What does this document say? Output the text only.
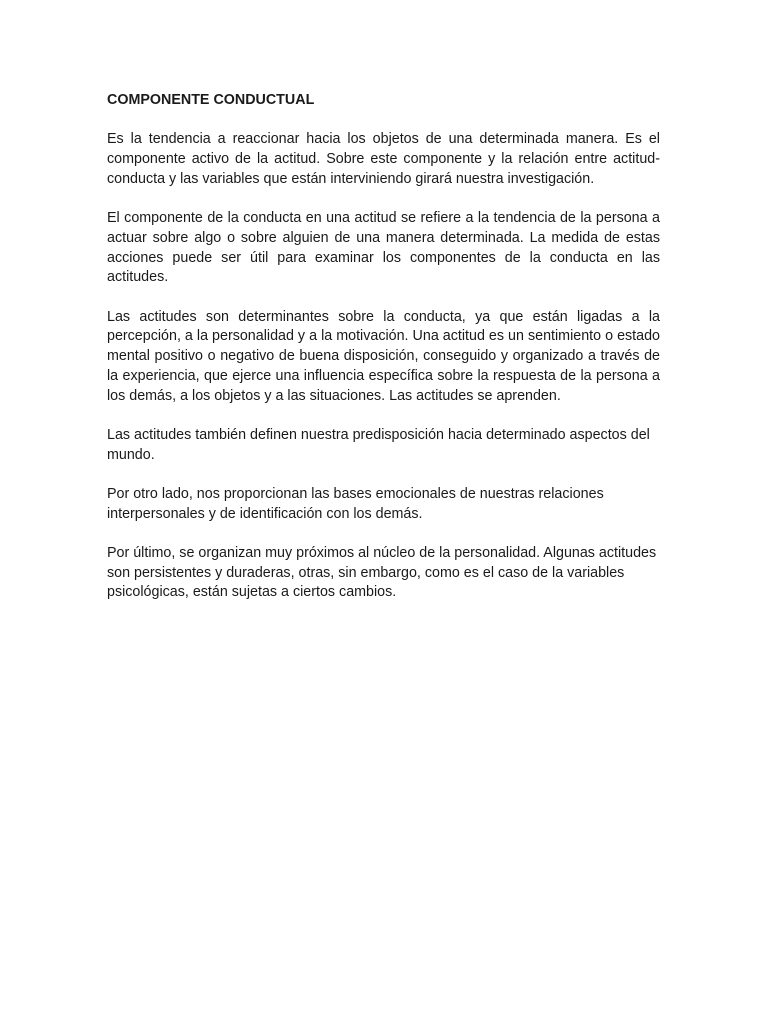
COMPONENTE CONDUCTUAL

Es la tendencia a reaccionar hacia los objetos de una determinada manera. Es el componente activo de la actitud. Sobre este componente y la relación entre actitud-conducta y las variables que están interviniendo girará nuestra investigación.

El componente de la conducta en una actitud se refiere a la tendencia de la persona a actuar sobre algo o sobre alguien de una manera determinada. La medida de estas acciones puede ser útil para examinar los componentes de la conducta en las actitudes.

Las actitudes son determinantes sobre la conducta, ya que están ligadas a la percepción, a la personalidad y a la motivación. Una actitud es un sentimiento o estado mental positivo o negativo de buena disposición, conseguido y organizado a través de la experiencia, que ejerce una influencia específica sobre la respuesta de la persona a los demás, a los objetos y a las situaciones. Las actitudes se aprenden.

Las actitudes también definen nuestra predisposición hacia determinado aspectos del mundo.

Por otro lado, nos proporcionan las bases emocionales de nuestras relaciones interpersonales y de identificación con los demás.

Por último, se organizan muy próximos al núcleo de la personalidad. Algunas actitudes son persistentes y duraderas, otras, sin embargo, como es el caso de la variables psicológicas, están sujetas a ciertos cambios.
